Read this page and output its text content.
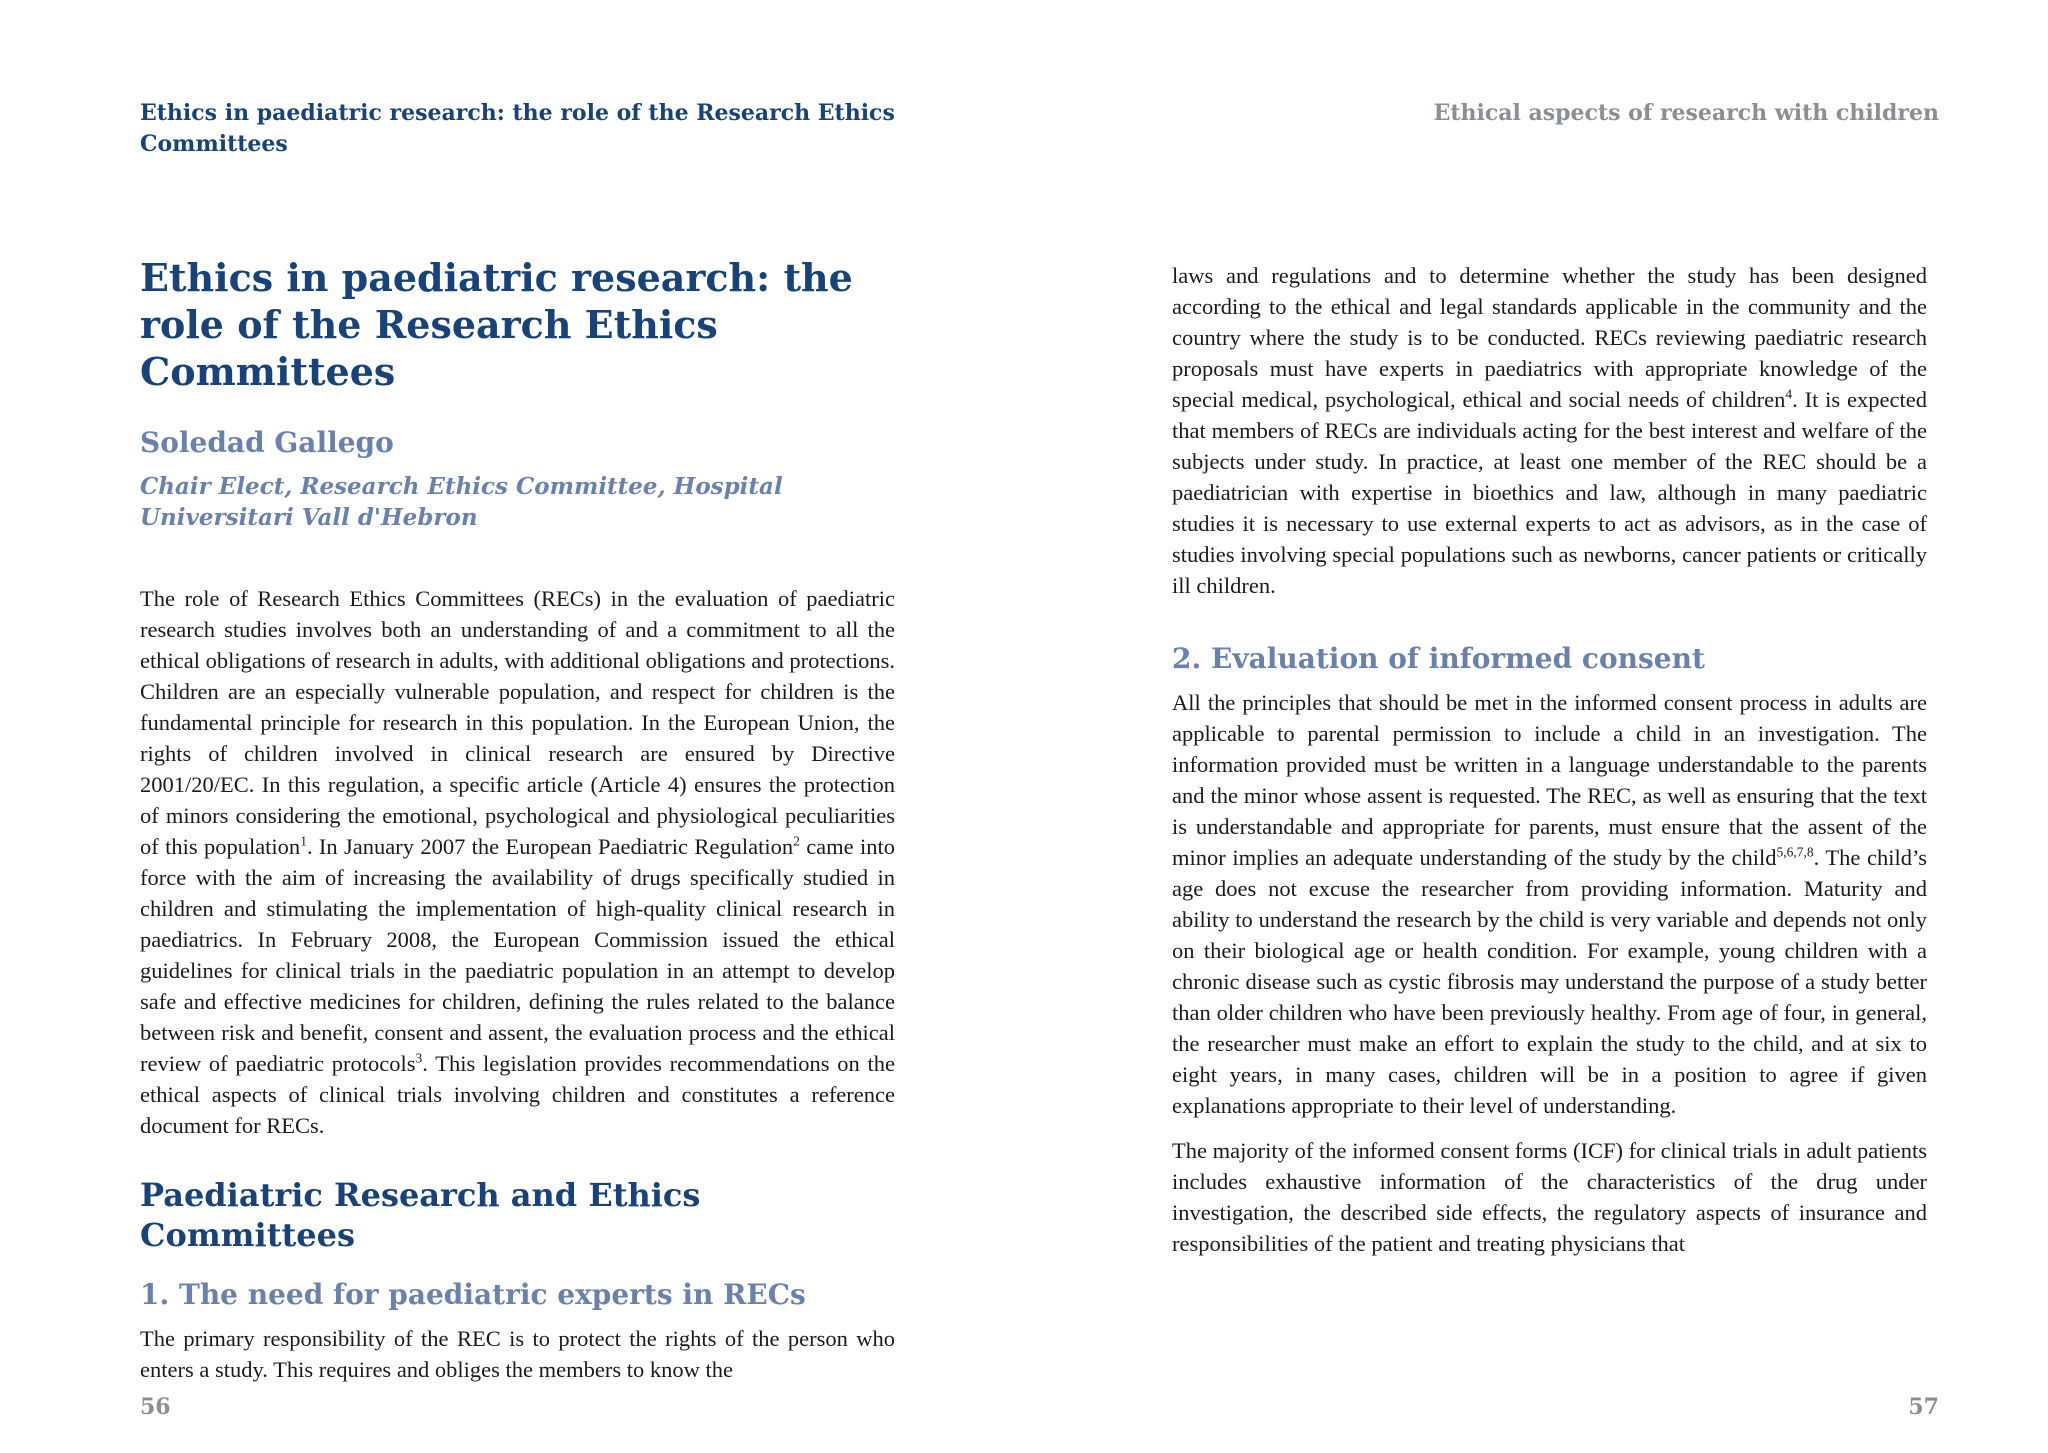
Ethics in paediatric research: the role of the Research Ethics Committees
Ethics in paediatric research: the role of the Research Ethics Committees
Soledad Gallego
Chair Elect, Research Ethics Committee, Hospital Universitari Vall d'Hebron

The role of Research Ethics Committees (RECs) in the evaluation of paediatric research studies involves both an understanding of and a commitment to all the ethical obligations of research in adults, with additional obligations and protections. Children are an especially vulnerable population, and respect for children is the fundamental principle for research in this population. In the European Union, the rights of children involved in clinical research are ensured by Directive 2001/20/EC. In this regulation, a specific article (Article 4) ensures the protection of minors considering the emotional, psychological and physiological peculiarities of this population$^1$. In January 2007 the European Paediatric Regulation$^2$ came into force with the aim of increasing the availability of drugs specifically studied in children and stimulating the implementation of high-quality clinical research in paediatrics. In February 2008, the European Commission issued the ethical guidelines for clinical trials in the paediatric population in an attempt to develop safe and effective medicines for children, defining the rules related to the balance between risk and benefit, consent and assent, the evaluation process and the ethical review of paediatric protocols$^3$. This legislation provides recommendations on the ethical aspects of clinical trials involving children and constitutes a reference document for RECs.

Paediatric Research and Ethics Committees
1. The need for paediatric experts in RECs

The primary responsibility of the REC is to protect the rights of the person who enters a study. This requires and obliges the members to know the

56
Ethical aspects of research with children

laws and regulations and to determine whether the study has been designed according to the ethical and legal standards applicable in the community and the country where the study is to be conducted. RECs reviewing paediatric research proposals must have experts in paediatrics with appropriate knowledge of the special medical, psychological, ethical and social needs of children$^4$. It is expected that members of RECs are individuals acting for the best interest and welfare of the subjects under study. In practice, at least one member of the REC should be a paediatrician with expertise in bioethics and law, although in many paediatric studies it is necessary to use external experts to act as advisors, as in the case of studies involving special populations such as newborns, cancer patients or critically ill children.

2. Evaluation of informed consent

All the principles that should be met in the informed consent process in adults are applicable to parental permission to include a child in an investigation. The information provided must be written in a language understandable to the parents and the minor whose assent is requested. The REC, as well as ensuring that the text is understandable and appropriate for parents, must ensure that the assent of the minor implies an adequate understanding of the study by the child$^{5,6,7,8}$. The child’s age does not excuse the researcher from providing information. Maturity and ability to understand the research by the child is very variable and depends not only on their biological age or health condition. For example, young children with a chronic disease such as cystic fibrosis may understand the purpose of a study better than older children who have been previously healthy. From age of four, in general, the researcher must make an effort to explain the study to the child, and at six to eight years, in many cases, children will be in a position to agree if given explanations appropriate to their level of understanding.

The majority of the informed consent forms (ICF) for clinical trials in adult patients includes exhaustive information of the characteristics of the drug under investigation, the described side effects, the regulatory aspects of insurance and responsibilities of the patient and treating physicians that

57
